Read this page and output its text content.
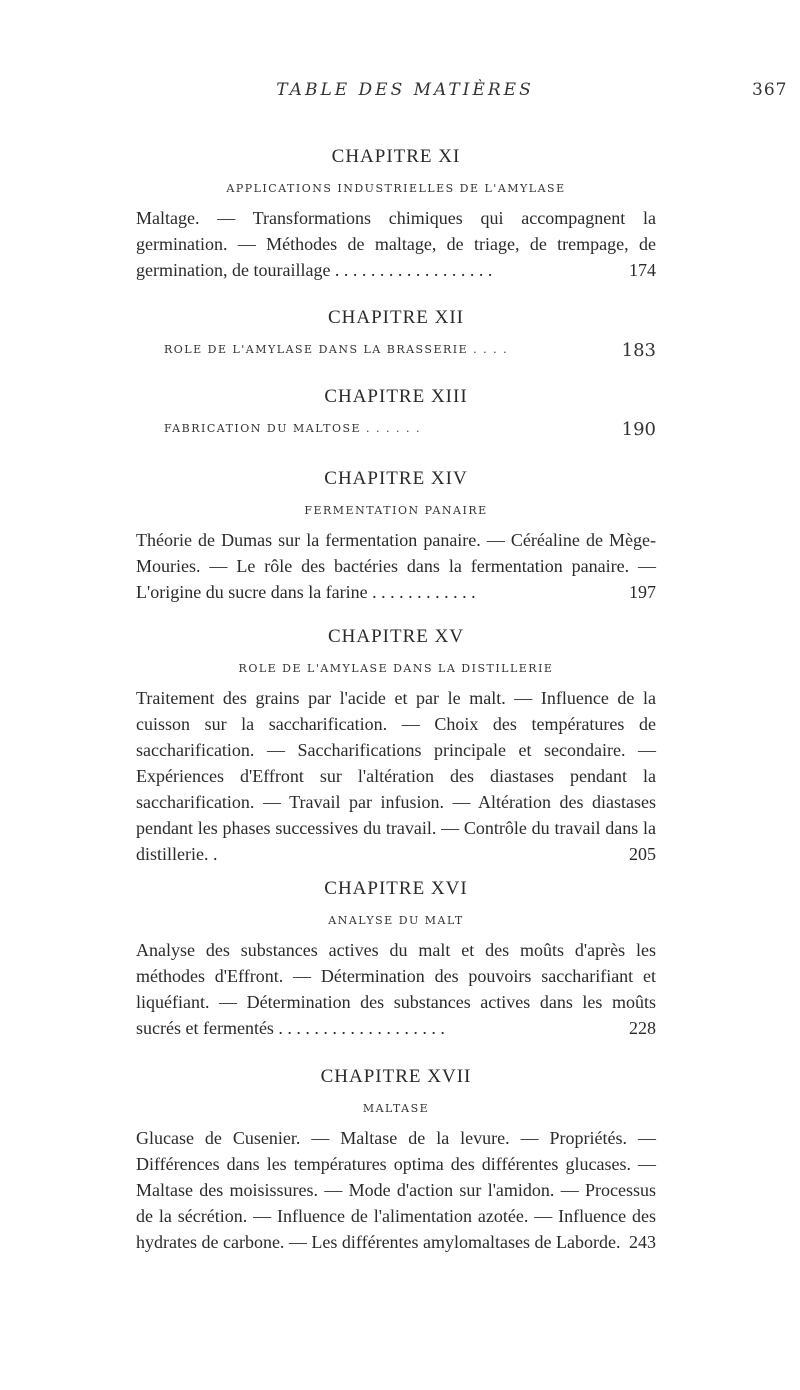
TABLE DES MATIÈRES	367
CHAPITRE XI
APPLICATIONS INDUSTRIELLES DE L'AMYLASE
Maltage. — Transformations chimiques qui accompagnent la germination. — Méthodes de maltage, de triage, de trempage, de germination, de touraillage . . . . . . . . . . . . . . . . . .	174
CHAPITRE XII
ROLE DE L'AMYLASE DANS LA BRASSERIE . . . .	183
CHAPITRE XIII
FABRICATION DU MALTOSE . . . . . .	190
CHAPITRE XIV
FERMENTATION PANAIRE
Théorie de Dumas sur la fermentation panaire. — Céréaline de Mège-Mouries. — Le rôle des bactéries dans la fermentation panaire. — L'origine du sucre dans la farine . . . . . . . . . . . .	197
CHAPITRE XV
ROLE DE L'AMYLASE DANS LA DISTILLERIE
Traitement des grains par l'acide et par le malt. — Influence de la cuisson sur la saccharification. — Choix des températures de saccharification. — Saccharifications principale et secondaire. — Expériences d'Effront sur l'altération des diastases pendant la saccharification. — Travail par infusion. — Altération des diastases pendant les phases successives du travail. — Contrôle du travail dans la distillerie. .	205
CHAPITRE XVI
ANALYSE DU MALT
Analyse des substances actives du malt et des moûts d'après les méthodes d'Effront. — Détermination des pouvoirs saccharifiant et liquéfiant. — Détermination des substances actives dans les moûts sucrés et fermentés . . . . . . . . . . . . . . . . . . .	228
CHAPITRE XVII
MALTASE
Glucase de Cusenier. — Maltase de la levure. — Propriétés. — Différences dans les températures optima des différentes glucases. — Maltase des moisissures. — Mode d'action sur l'amidon. — Processus de la sécrétion. — Influence de l'alimentation azotée. — Influence des hydrates de carbone. — Les différentes amylomaltases de Laborde. 243
